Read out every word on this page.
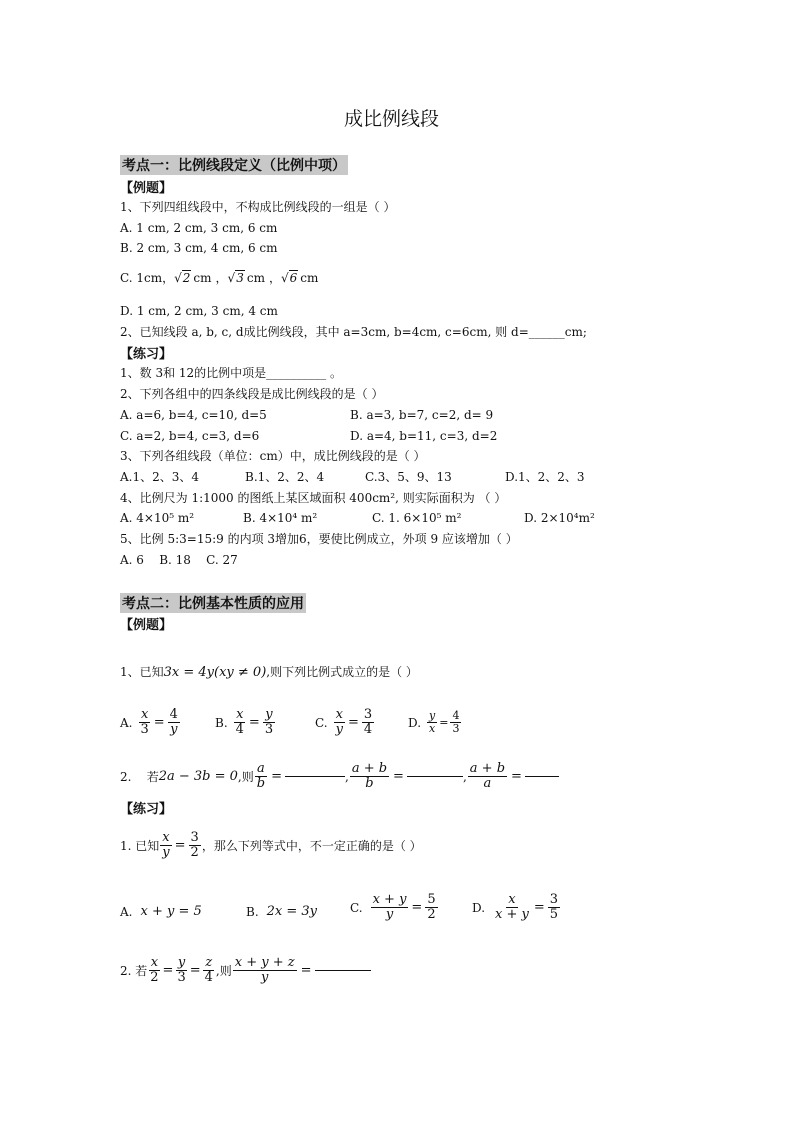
成比例线段
考点一：比例线段定义（比例中项）
【例题】
1、下列四组线段中，不构成比例线段的一组是（ ）
A. 1 cm, 2 cm, 3 cm, 6 cm
B. 2 cm, 3 cm, 4 cm, 6 cm
C. 1cm， √2 cm ， √3 cm ， √6 cm
D. 1 cm, 2 cm, 3 cm, 4 cm
2、已知线段 a, b, c, d成比例线段，其中 a=3cm, b=4cm, c=6cm, 则 d=______cm;
【练习】
1、数 3和 12的比例中项是__________ 。
2、下列各组中的四条线段是成比例线段的是（ ）
A. a=6, b=4, c=10, d=5	B. a=3, b=7, c=2, d= 9
C. a=2, b=4, c=3, d=6	D. a=4, b=11, c=3, d=2
3、下列各组线段（单位：cm）中，成比例线段的是（ ）
A.1、2、3、4	B.1、2、2、4	C.3、5、9、13	D.1、2、2、3
4、比例尺为 1:1000 的图纸上某区域面积 400cm², 则实际面积为 （ ）
A. 4×10⁵ m²	B. 4×10⁴ m²	C. 1. 6×10⁵ m²	D. 2×10⁴m²
5、比例 5:3=15:9 的内项 3增加6，要使比例成立，外项 9 应该增加（ ）
A. 6    B. 18    C. 27
考点二：比例基本性质的应用
【例题】
1、已知3x = 4y(xy ≠ 0),则下列比例式成立的是（ ）
A. $\frac{x}{3} = \frac{4}{y}$	B. $\frac{x}{4} = \frac{y}{3}$	C. $\frac{x}{y} = \frac{3}{4}$	D. $\frac{y}{x} = \frac{4}{3}$
2.    若 2a − 3b = 0 ,则 $\frac{a}{b}$ =	, $\frac{a + b}{b}$ =	, $\frac{a + b}{a}$ =
【练习】
1. 已知 $\frac{x}{y} = \frac{3}{2}$ ，那么下列等式中，不一定正确的是（ ）
A. x + y = 5	B. 2x = 3y	C. $\frac{x + y}{y} = \frac{5}{2}$	D. $\frac{x}{x + y} = \frac{3}{5}$
2. 若 $\frac{x}{2} = \frac{y}{3} = \frac{z}{4}$ ,则 $\frac{x + y + z}{y}$ =
